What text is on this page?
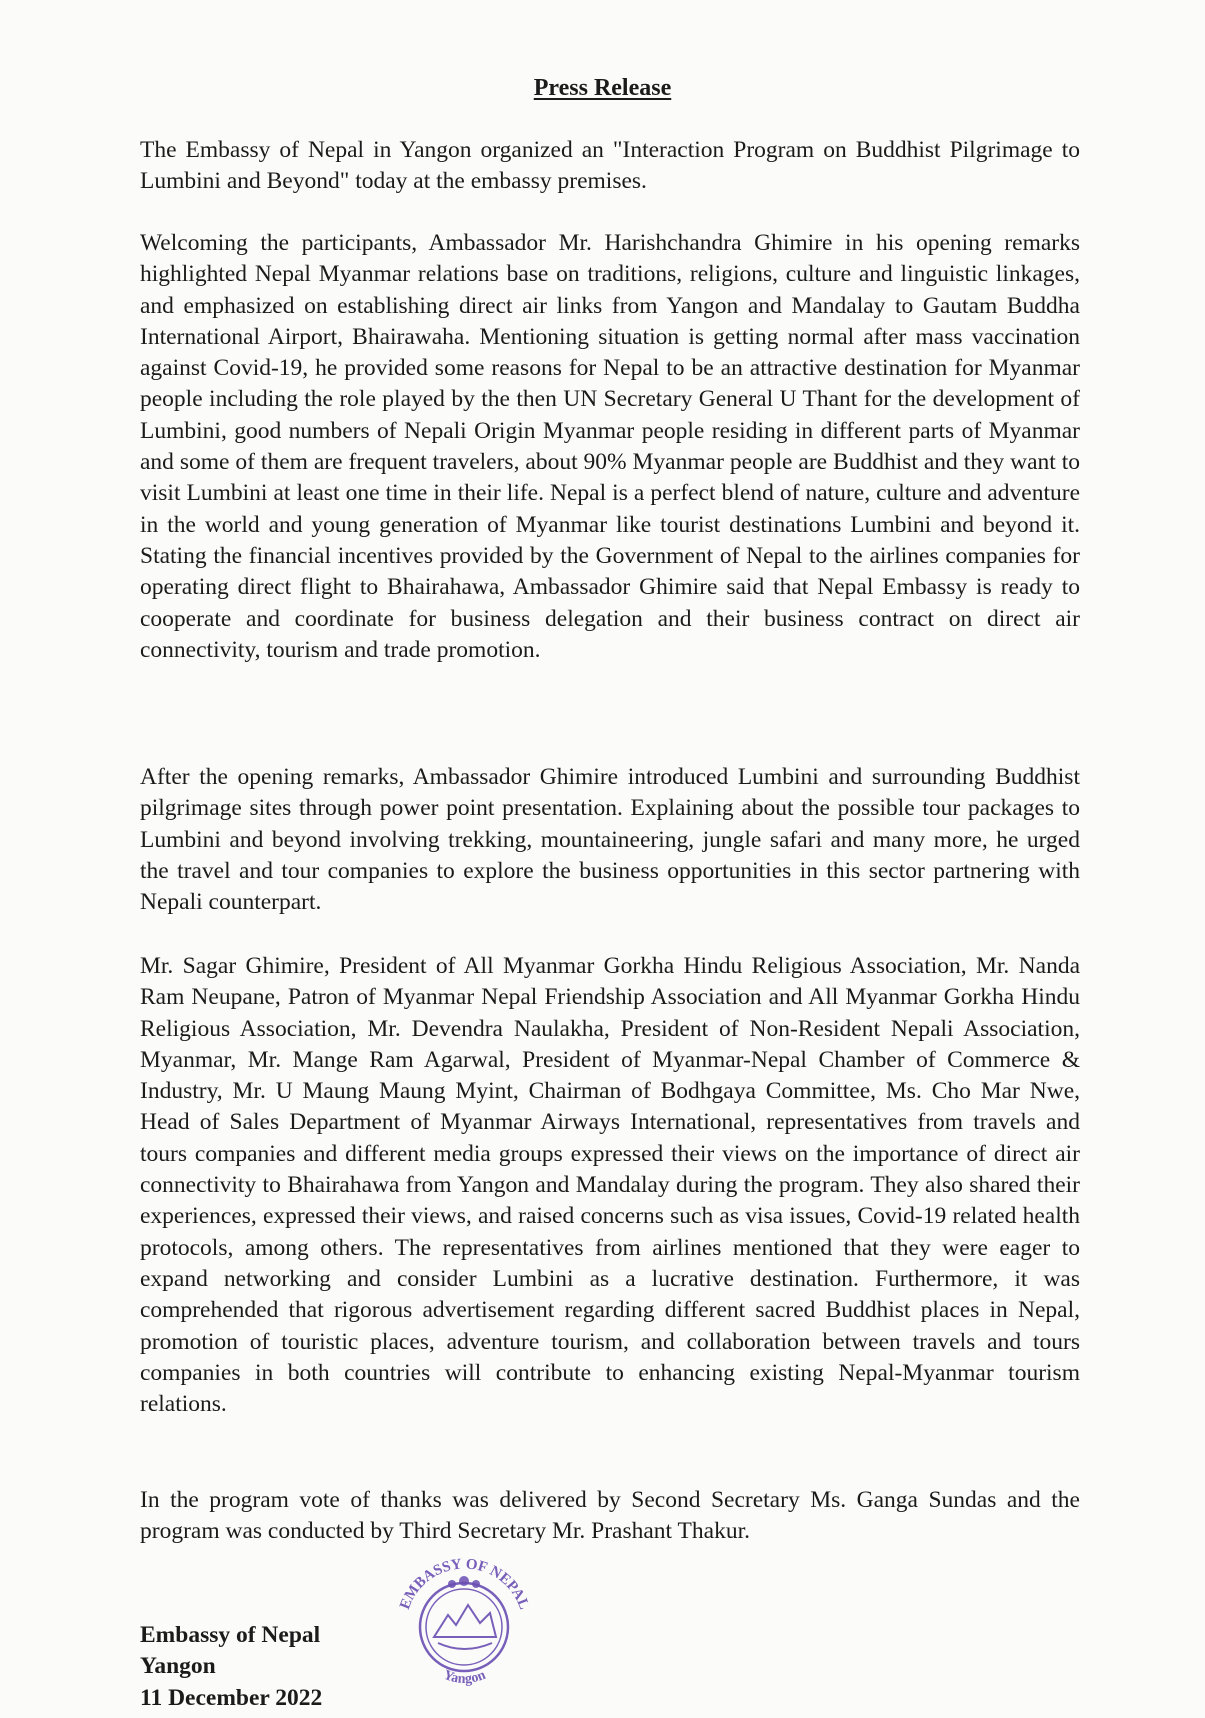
Press Release

The Embassy of Nepal in Yangon organized an "Interaction Program on Buddhist Pilgrimage to Lumbini and Beyond" today at the embassy premises.

Welcoming the participants, Ambassador Mr. Harishchandra Ghimire in his opening remarks highlighted Nepal Myanmar relations base on traditions, religions, culture and linguistic linkages, and emphasized on establishing direct air links from Yangon and Mandalay to Gautam Buddha International Airport, Bhairawaha. Mentioning situation is getting normal after mass vaccination against Covid-19, he provided some reasons for Nepal to be an attractive destination for Myanmar people including the role played by the then UN Secretary General U Thant for the development of Lumbini, good numbers of Nepali Origin Myanmar people residing in different parts of Myanmar and some of them are frequent travelers, about 90% Myanmar people are Buddhist and they want to visit Lumbini at least one time in their life. Nepal is a perfect blend of nature, culture and adventure in the world and young generation of Myanmar like tourist destinations Lumbini and beyond it. Stating the financial incentives provided by the Government of Nepal to the airlines companies for operating direct flight to Bhairahawa, Ambassador Ghimire said that Nepal Embassy is ready to cooperate and coordinate for business delegation and their business contract on direct air connectivity, tourism and trade promotion.

After the opening remarks, Ambassador Ghimire introduced Lumbini and surrounding Buddhist pilgrimage sites through power point presentation. Explaining about the possible tour packages to Lumbini and beyond involving trekking, mountaineering, jungle safari and many more, he urged the travel and tour companies to explore the business opportunities in this sector partnering with Nepali counterpart.

Mr. Sagar Ghimire, President of All Myanmar Gorkha Hindu Religious Association, Mr. Nanda Ram Neupane, Patron of Myanmar Nepal Friendship Association and All Myanmar Gorkha Hindu Religious Association, Mr. Devendra Naulakha, President of Non-Resident Nepali Association, Myanmar, Mr. Mange Ram Agarwal, President of Myanmar-Nepal Chamber of Commerce & Industry, Mr. U Maung Maung Myint, Chairman of Bodhgaya Committee, Ms. Cho Mar Nwe, Head of Sales Department of Myanmar Airways International, representatives from travels and tours companies and different media groups expressed their views on the importance of direct air connectivity to Bhairahawa from Yangon and Mandalay during the program. They also shared their experiences, expressed their views, and raised concerns such as visa issues, Covid-19 related health protocols, among others. The representatives from airlines mentioned that they were eager to expand networking and consider Lumbini as a lucrative destination. Furthermore, it was comprehended that rigorous advertisement regarding different sacred Buddhist places in Nepal, promotion of touristic places, adventure tourism, and collaboration between travels and tours companies in both countries will contribute to enhancing existing Nepal-Myanmar tourism relations.

In the program vote of thanks was delivered by Second Secretary Ms. Ganga Sundas and the program was conducted by Third Secretary Mr. Prashant Thakur.

Embassy of Nepal
Yangon
11 December 2022
EMBASSY OF NEPAL
Yangon
